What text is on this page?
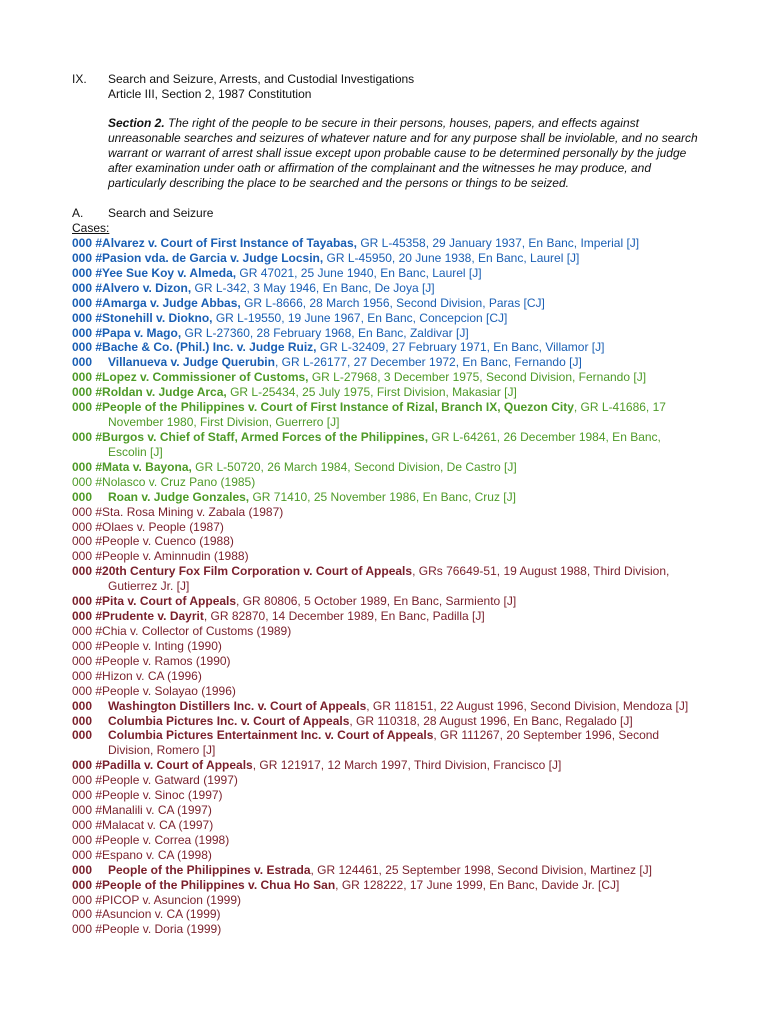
IX. Search and Seizure, Arrests, and Custodial Investigations
Article III, Section 2, 1987 Constitution
Section 2. The right of the people to be secure in their persons, houses, papers, and effects against unreasonable searches and seizures of whatever nature and for any purpose shall be inviolable, and no search warrant or warrant of arrest shall issue except upon probable cause to be determined personally by the judge after examination under oath or affirmation of the complainant and the witnesses he may produce, and particularly describing the place to be searched and the persons or things to be seized.
A. Search and Seizure
Cases:
000 #Alvarez v. Court of First Instance of Tayabas, GR L-45358, 29 January 1937, En Banc, Imperial [J]
000 #Pasion vda. de Garcia v. Judge Locsin, GR L-45950, 20 June 1938, En Banc, Laurel [J]
000 #Yee Sue Koy v. Almeda, GR 47021, 25 June 1940, En Banc, Laurel [J]
000 #Alvero v. Dizon, GR L-342, 3 May 1946, En Banc, De Joya [J]
000 #Amarga v. Judge Abbas, GR L-8666, 28 March 1956, Second Division, Paras [CJ]
000 #Stonehill v. Diokno, GR L-19550, 19 June 1967, En Banc, Concepcion [CJ]
000 #Papa v. Mago, GR L-27360, 28 February 1968, En Banc, Zaldivar [J]
000 #Bache & Co. (Phil.) Inc. v. Judge Ruiz, GR L-32409, 27 February 1971, En Banc, Villamor [J]
000 Villanueva v. Judge Querubin, GR L-26177, 27 December 1972, En Banc, Fernando [J]
000 #Lopez v. Commissioner of Customs, GR L-27968, 3 December 1975, Second Division, Fernando [J]
000 #Roldan v. Judge Arca, GR L-25434, 25 July 1975, First Division, Makasiar [J]
000 #People of the Philippines v. Court of First Instance of Rizal, Branch IX, Quezon City, GR L-41686, 17 November 1980, First Division, Guerrero [J]
000 #Burgos v. Chief of Staff, Armed Forces of the Philippines, GR L-64261, 26 December 1984, En Banc, Escolin [J]
000 #Mata v. Bayona, GR L-50720, 26 March 1984, Second Division, De Castro [J]
000 #Nolasco v. Cruz Pano (1985)
000 Roan v. Judge Gonzales, GR 71410, 25 November 1986, En Banc, Cruz [J]
000 #Sta. Rosa Mining v. Zabala (1987)
000 #Olaes v. People (1987)
000 #People v. Cuenco (1988)
000 #People v. Aminnudin (1988)
000 #20th Century Fox Film Corporation v. Court of Appeals, GRs 76649-51, 19 August 1988, Third Division, Gutierrez Jr. [J]
000 #Pita v. Court of Appeals, GR 80806, 5 October 1989, En Banc, Sarmiento [J]
000 #Prudente v. Dayrit, GR 82870, 14 December 1989, En Banc, Padilla [J]
000 #Chia v. Collector of Customs (1989)
000 #People v. Inting (1990)
000 #People v. Ramos (1990)
000 #Hizon v. CA (1996)
000 #People v. Solayao (1996)
000 Washington Distillers Inc. v. Court of Appeals, GR 118151, 22 August 1996, Second Division, Mendoza [J]
000 Columbia Pictures Inc. v. Court of Appeals, GR 110318, 28 August 1996, En Banc, Regalado [J]
000 Columbia Pictures Entertainment Inc. v. Court of Appeals, GR 111267, 20 September 1996, Second Division, Romero [J]
000 #Padilla v. Court of Appeals, GR 121917, 12 March 1997, Third Division, Francisco [J]
000 #People v. Gatward (1997)
000 #People v. Sinoc (1997)
000 #Manalili v. CA (1997)
000 #Malacat v. CA (1997)
000 #People v. Correa (1998)
000 #Espano v. CA (1998)
000 People of the Philippines v. Estrada, GR 124461, 25 September 1998, Second Division, Martinez [J]
000 #People of the Philippines v. Chua Ho San, GR 128222, 17 June 1999, En Banc, Davide Jr. [CJ]
000 #PICOP v. Asuncion (1999)
000 #Asuncion v. CA (1999)
000 #People v. Doria (1999)
